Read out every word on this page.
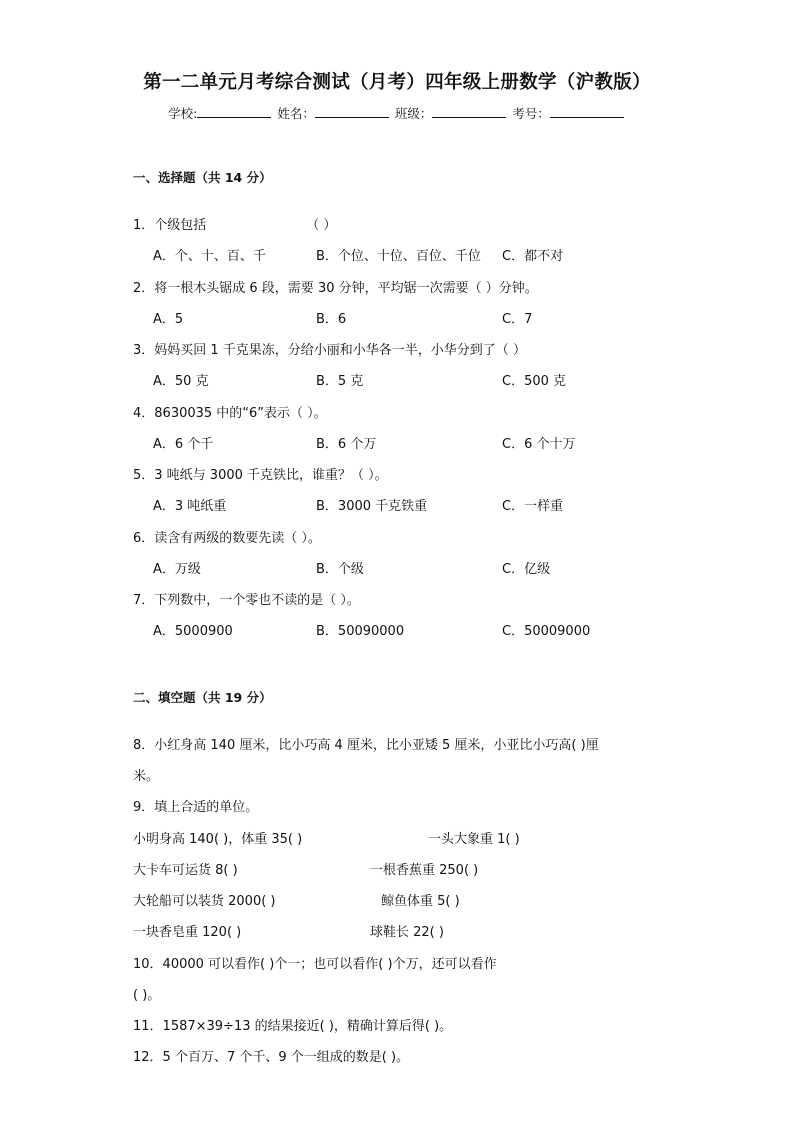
第一二单元月考综合测试（月考）四年级上册数学（沪教版）
学校:	姓名：	班级：	考号：
一、选择题（共 14 分）
1．个级包括	（ ）
A．个、十、百、千	B．个位、十位、百位、千位 C．都不对
2．将一根木头锯成 6 段，需要 30 分钟，平均锯一次需要（ ）分钟。
A．5	B．6	C．7
3．妈妈买回 1 千克果冻，分给小丽和小华各一半，小华分到了（ ）
A．50 克	B．5 克	C．500 克
4．8630035 中的“6”表示（ ）。
A．6 个千	B．6 个万	C．6 个十万
5．3 吨纸与 3000 千克铁比，谁重？（ ）。
A．3 吨纸重	B．3000 千克铁重	C．一样重
6．读含有两级的数要先读（ ）。
A．万级	B．个级	C．亿级
7．下列数中，一个零也不读的是（ ）。
A．5000900	B．50090000	C．50009000
二、填空题（共 19 分）
8．小红身高 140 厘米，比小巧高 4 厘米，比小亚矮 5 厘米，小亚比小巧高( )厘
米。
9．填上合适的单位。
小明身高 140( )，体重 35( )	一头大象重 1( )
大卡车可运货 8( )	一根香蕉重 250( )
大轮船可以装货 2000( )	鲸鱼体重 5( )
一块香皂重 120( )	球鞋长 22( )
10．40000 可以看作( )个一；也可以看作( )个万，还可以看作
( )。
11．1587×39÷13 的结果接近( )，精确计算后得( )。
12．5 个百万、7 个千、9 个一组成的数是( )。
